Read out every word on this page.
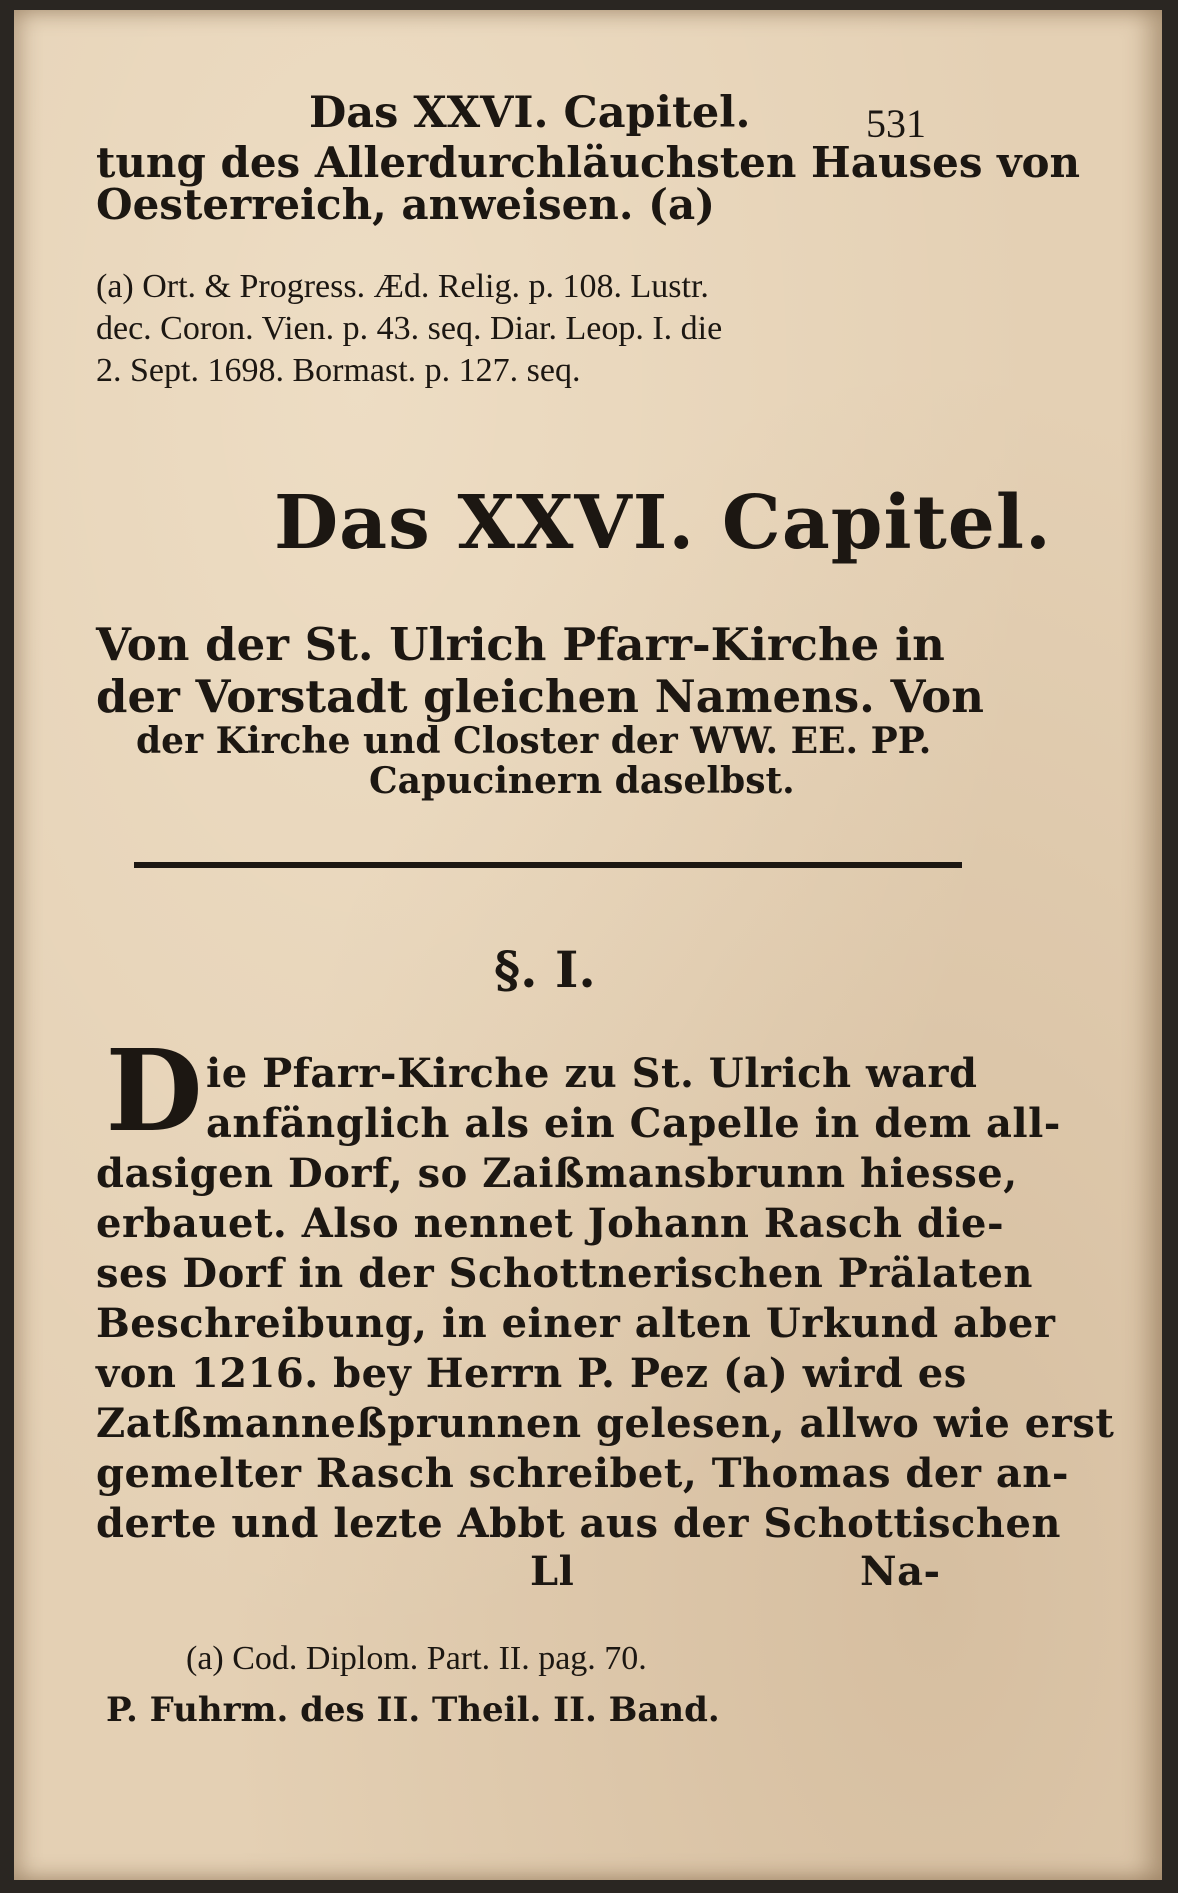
Das XXVI. Capitel.	531
tung des Allerdurchläuchsten Hauses von
Oesterreich, anweisen. (a)
(a) Ort. & Progress. Æd. Relig. p. 108. Lustr.
dec. Coron. Vien. p. 43. seq. Diar. Leop. I. die
2. Sept. 1698. Bormast. p. 127. seq.
Das XXVI. Capitel.
Von der St. Ulrich Pfarr-Kirche in
der Vorstadt gleichen Namens. Von
der Kirche und Closter der WW. EE. PP.
Capucinern daselbst.
§. I.
D ie Pfarr-Kirche zu St. Ulrich ward
anfänglich als ein Capelle in dem all-
dasigen Dorf, so Zaißmansbrunn hiesse,
erbauet. Also nennet Johann Rasch die-
ses Dorf in der Schottnerischen Prälaten
Beschreibung, in einer alten Urkund aber
von 1216. bey Herrn P. Pez (a) wird es
Zatßmanneßprunnen gelesen, allwo wie erst
gemelter Rasch schreibet, Thomas der an-
derte und lezte Abbt aus der Schottischen
Ll	Na-
(a) Cod. Diplom. Part. II. pag. 70.
P. Fuhrm. des II. Theil. II. Band.
